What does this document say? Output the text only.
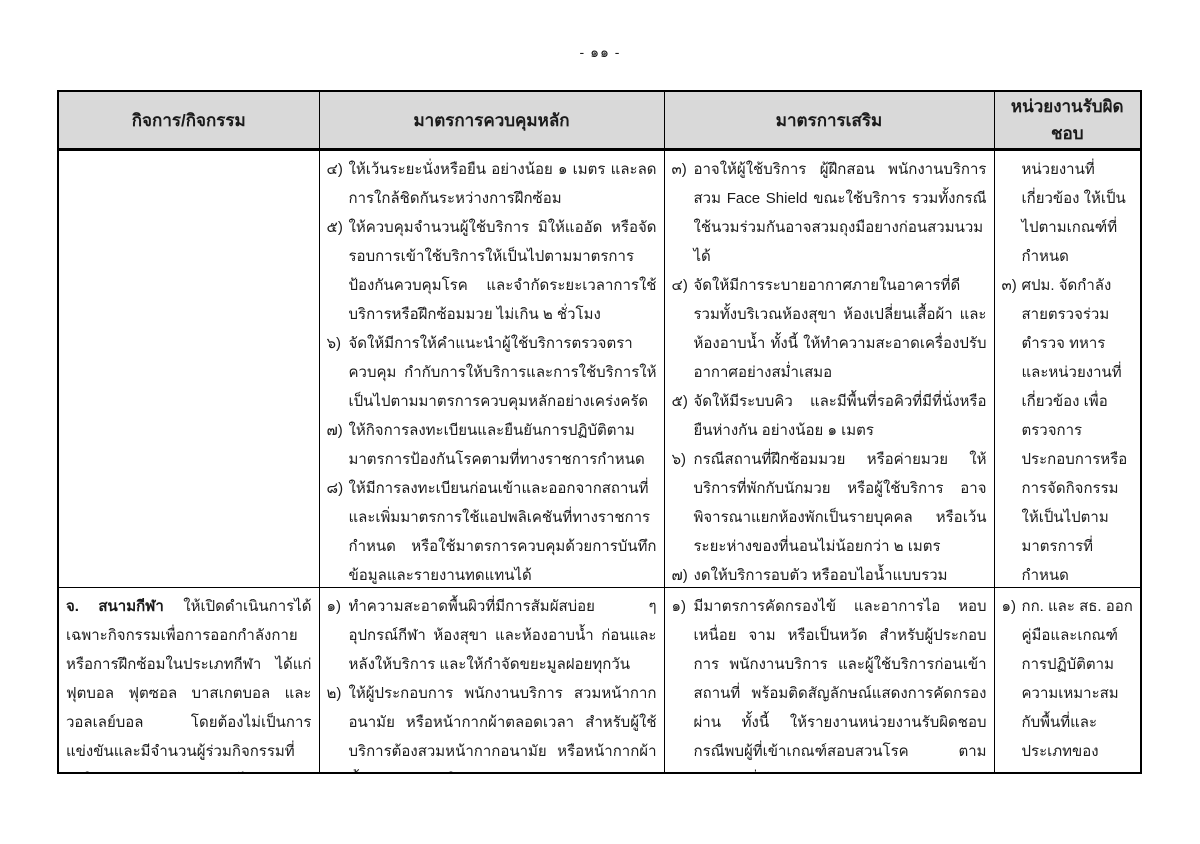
- ๑๑ -
กิจการ/กิจกรรม	มาตรการควบคุมหลัก	มาตรการเสริม	หน่วยงานรับผิดชอบ

๔) ให้เว้นระยะนั่งหรือยืน อย่างน้อย ๑ เมตร และลดการใกล้ชิดกันระหว่างการฝึกซ้อม
๕) ให้ควบคุมจำนวนผู้ใช้บริการ มิให้แออัด หรือจัดรอบการเข้าใช้บริการให้เป็นไปตามมาตรการป้องกันควบคุมโรค และจำกัดระยะเวลาการใช้บริการหรือฝึกซ้อมมวย ไม่เกิน ๒ ชั่วโมง
๖) จัดให้มีการให้คำแนะนำผู้ใช้บริการตรวจตราควบคุม กำกับการให้บริการและการใช้บริการให้เป็นไปตามมาตรการควบคุมหลักอย่างเคร่งครัด
๗) ให้กิจการลงทะเบียนและยืนยันการปฏิบัติตามมาตรการป้องกันโรคตามที่ทางราชการกำหนด
๘) ให้มีการลงทะเบียนก่อนเข้าและออกจากสถานที่ และเพิ่มมาตรการใช้แอปพลิเคชันที่ทางราชการกำหนด หรือใช้มาตรการควบคุมด้วยการบันทึกข้อมูลและรายงานทดแทนได้

๓) อาจให้ผู้ใช้บริการ ผู้ฝึกสอน พนักงานบริการ สวม Face Shield ขณะใช้บริการ รวมทั้งกรณีใช้นวมร่วมกันอาจสวมถุงมือยางก่อนสวมนวมได้
๔) จัดให้มีการระบายอากาศภายในอาคารที่ดี รวมทั้งบริเวณห้องสุขา ห้องเปลี่ยนเสื้อผ้า และห้องอาบน้ำ ทั้งนี้ ให้ทำความสะอาดเครื่องปรับอากาศอย่างสม่ำเสมอ
๕) จัดให้มีระบบคิว และมีพื้นที่รอคิวที่มีที่นั่งหรือยืนห่างกัน อย่างน้อย ๑ เมตร
๖) กรณีสถานที่ฝึกซ้อมมวย หรือค่ายมวย ให้บริการที่พักกับนักมวย หรือผู้ใช้บริการ อาจพิจารณาแยกห้องพักเป็นรายบุคคล หรือเว้นระยะห่างของที่นอนไม่น้อยกว่า ๒ เมตร
๗) งดให้บริการอบตัว หรืออบไอน้ำแบบรวม

หน่วยงานที่เกี่ยวข้อง ให้เป็นไปตามเกณฑ์ที่กำหนด
๓) ศปม. จัดกำลังสายตรวจร่วม ตำรวจ ทหาร และหน่วยงานที่เกี่ยวข้อง เพื่อตรวจการประกอบการหรือการจัดกิจกรรมให้เป็นไปตามมาตรการที่กำหนด

จ. สนามกีฬา ให้เปิดดำเนินการได้เฉพาะกิจกรรมเพื่อการออกกำลังกายหรือการฝึกซ้อมในประเภทกีฬา ได้แก่ ฟุตบอล ฟุตซอล บาสเกตบอล และวอลเลย์บอล โดยต้องไม่เป็นการแข่งขันและมีจำนวนผู้ร่วมกิจกรรมที่

๑) ทำความสะอาดพื้นผิวที่มีการสัมผัสบ่อย ๆ อุปกรณ์กีฬา ห้องสุขา และห้องอาบน้ำ ก่อนและหลังให้บริการ และให้กำจัดขยะมูลฝอยทุกวัน
๒) ให้ผู้ประกอบการ พนักงานบริการ สวมหน้ากากอนามัย หรือหน้ากากผ้าตลอดเวลา สำหรับผู้ใช้บริการต้องสวมหน้ากากอนามัย หรือหน้ากากผ้า

๑) มีมาตรการคัดกรองไข้ และอาการไอ หอบเหนื่อย จาม หรือเป็นหวัด สำหรับผู้ประกอบการ พนักงานบริการ และผู้ใช้บริการก่อนเข้าสถานที่ พร้อมติดสัญลักษณ์แสดงการคัดกรองผ่าน ทั้งนี้ ให้รายงานหน่วยงานรับผิดชอบ กรณีพบผู้ที่เข้าเกณฑ์สอบสวนโรค ตาม

๑) กก. และ สธ. ออกคู่มือและเกณฑ์การปฏิบัติตามความเหมาะสมกับพื้นที่และประเภทของ
